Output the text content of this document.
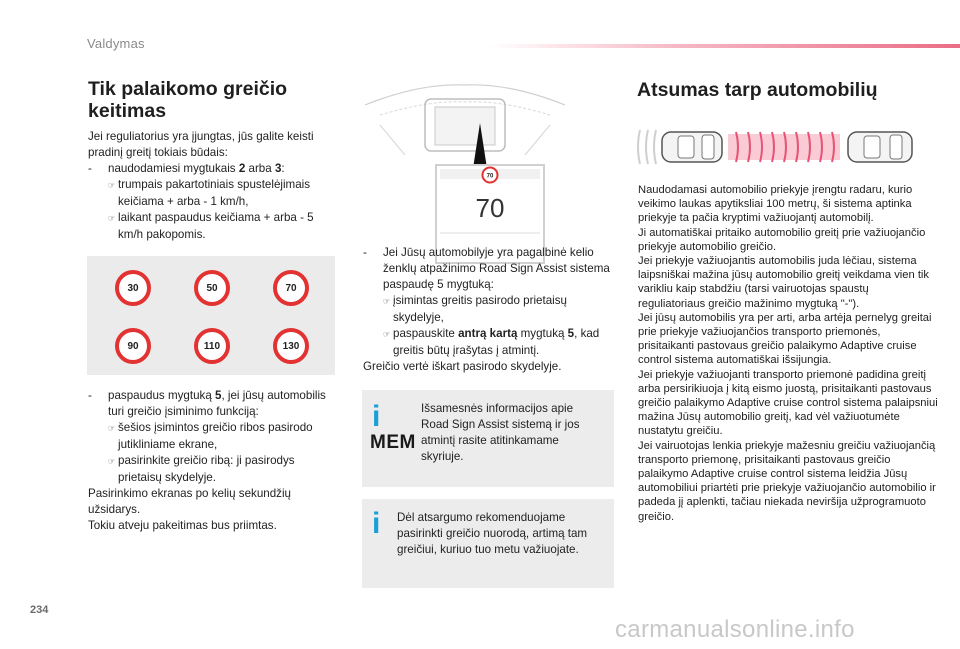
Valdymas
234
Tik palaikomo greičio keitimas
Jei reguliatorius yra įjungtas, jūs galite keisti pradinį greitį tokiais būdais:
- naudodamiesi mygtukais 2 arba 3:
☞ trumpais pakartotiniais spustelėjimais keičiama + arba - 1 km/h,
☞ laikant paspaudus keičiama + arba - 5 km/h pakopomis.
30	50	70
90	110	130
- paspaudus mygtuką 5, jei jūsų automobilis turi greičio įsiminimo funkciją:
☞ šešios įsimintos greičio ribos pasirodo jutikliniame ekrane,
☞ pasirinkite greičio ribą: ji pasirodys prietaisų skydelyje.
Pasirinkimo ekranas po kelių sekundžių užsidarys.
Tokiu atveju pakeitimas bus priimtas.
70
70
- Jei Jūsų automobilyje yra pagalbinė kelio ženklų atpažinimo Road Sign Assist sistema paspaudę 5 mygtuką:
☞ įsimintas greitis pasirodo prietaisų skydelyje,
☞ paspauskite antrą kartą mygtuką 5, kad greitis būtų įrašytas į atmintį.
Greičio vertė iškart pasirodo skydelyje.
i
MEM
Išsamesnės informacijos apie Road Sign Assist sistemą ir jos atmintį rasite atitinkamame skyriuje.
i Dėl atsargumo rekomenduojame pasirinkti greičio nuorodą, artimą tam greičiui, kuriuo tuo metu važiuojate.
Atsumas tarp automobilių
Naudodamasi automobilio priekyje įrengtu radaru, kurio veikimo laukas apytiksliai 100 metrų, ši sistema aptinka priekyje ta pačia kryptimi važiuojantį automobilį.
Ji automatiškai pritaiko automobilio greitį prie važiuojančio priekyje automobilio greičio.
Jei priekyje važiuojantis automobilis juda lėčiau, sistema laipsniškai mažina jūsų automobilio greitį veikdama vien tik varikliu kaip stabdžiu (tarsi vairuotojas spaustų reguliatoriaus greičio mažinimo mygtuką "-").
Jei jūsų automobilis yra per arti, arba artėja pernelyg greitai prie priekyje važiuojančios transporto priemonės, prisitaikanti pastovaus greičio palaikymo Adaptive cruise control sistema automatiškai išsijungia.
Jei priekyje važiuojanti transporto priemonė padidina greitį arba persirikiuoja į kitą eismo juostą, prisitaikanti pastovaus greičio palaikymo Adaptive cruise control sistema palaipsniui mažina Jūsų automobilio greitį, kad vėl važiuotumėte nustatytu greičiu.
Jei vairuotojas lenkia priekyje mažesniu greičiu važiuojančią transporto priemonę, prisitaikanti pastovaus greičio palaikymo Adaptive cruise control sistema leidžia Jūsų automobiliui priartėti prie priekyje važiuojančio automobilio ir padeda jį aplenkti, tačiau niekada neviršija užprogramuoto greičio.
carmanualsonline.info
